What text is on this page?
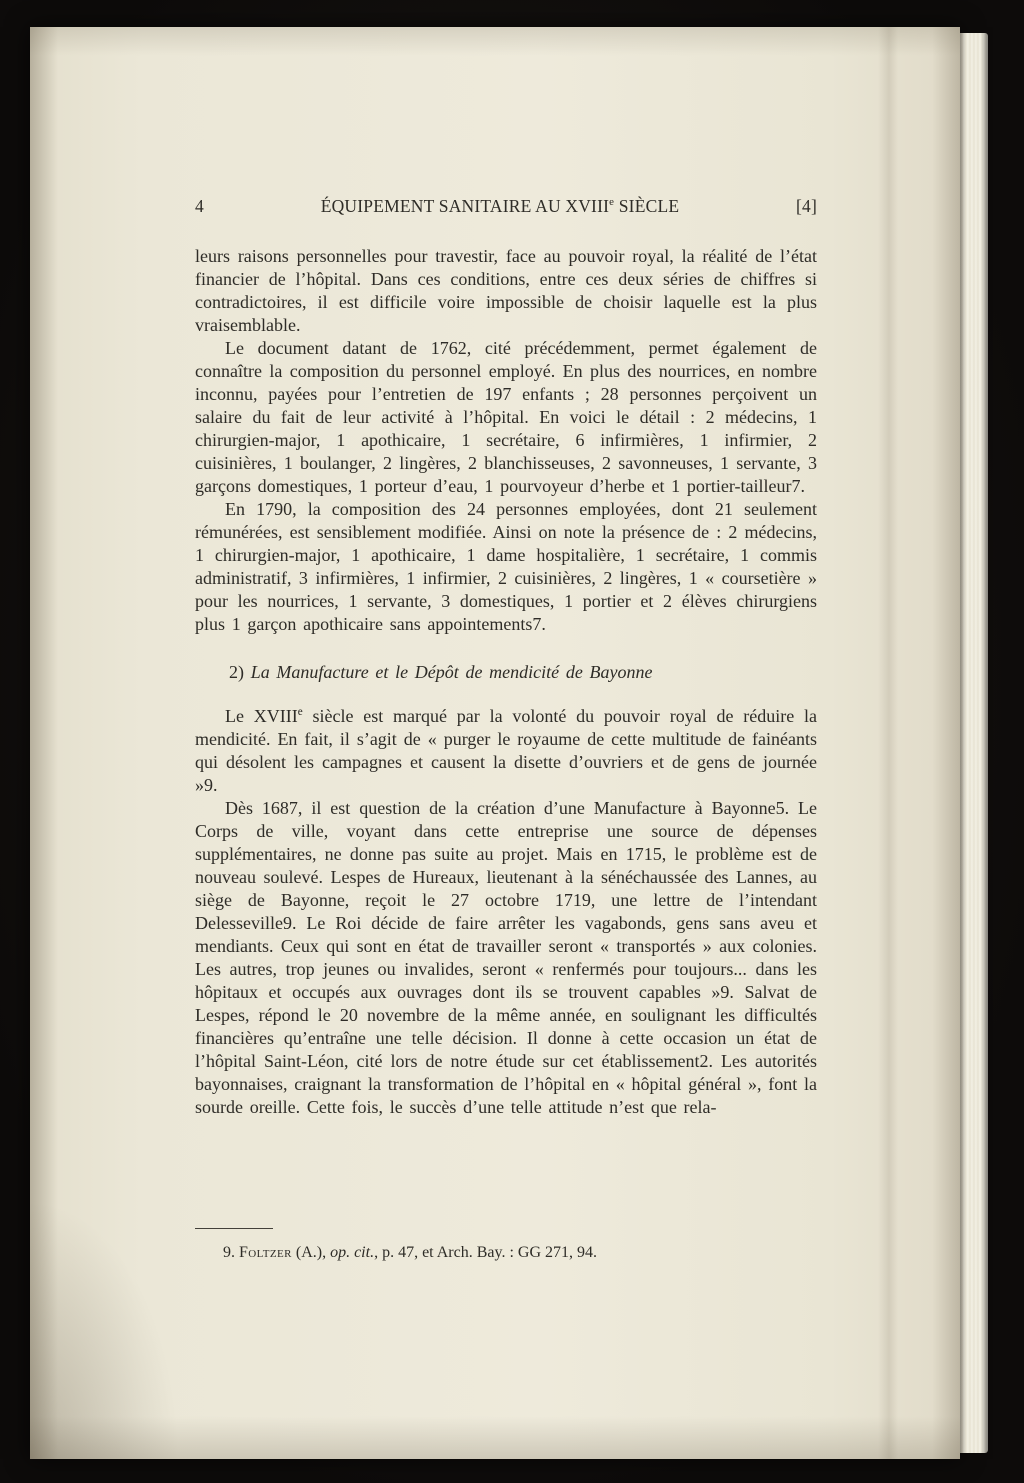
4	ÉQUIPEMENT SANITAIRE AU XVIIIe SIÈCLE	[4]

leurs raisons personnelles pour travestir, face au pouvoir royal, la réalité de l’état financier de l’hôpital. Dans ces conditions, entre ces deux séries de chiffres si contradictoires, il est difficile voire impossible de choisir laquelle est la plus vraisemblable.

Le document datant de 1762, cité précédemment, permet également de connaître la composition du personnel employé. En plus des nourrices, en nombre inconnu, payées pour l’entretien de 197 enfants ; 28 personnes perçoivent un salaire du fait de leur activité à l’hôpital. En voici le détail : 2 médecins, 1 chirurgien-major, 1 apothicaire, 1 secrétaire, 6 infirmières, 1 infirmier, 2 cuisinières, 1 boulanger, 2 lingères, 2 blanchisseuses, 2 savonneuses, 1 servante, 3 garçons domestiques, 1 porteur d’eau, 1 pourvoyeur d’herbe et 1 portier-tailleur7.

En 1790, la composition des 24 personnes employées, dont 21 seulement rémunérées, est sensiblement modifiée. Ainsi on note la présence de : 2 médecins, 1 chirurgien-major, 1 apothicaire, 1 dame hospitalière, 1 secrétaire, 1 commis administratif, 3 infirmières, 1 infirmier, 2 cuisinières, 2 lingères, 1 « coursetière » pour les nourrices, 1 servante, 3 domestiques, 1 portier et 2 élèves chirurgiens plus 1 garçon apothicaire sans appointements7.

2) La Manufacture et le Dépôt de mendicité de Bayonne

Le XVIIIe siècle est marqué par la volonté du pouvoir royal de réduire la mendicité. En fait, il s’agit de « purger le royaume de cette multitude de fainéants qui désolent les campagnes et causent la disette d’ouvriers et de gens de journée »9.

Dès 1687, il est question de la création d’une Manufacture à Bayonne5. Le Corps de ville, voyant dans cette entreprise une source de dépenses supplémentaires, ne donne pas suite au projet. Mais en 1715, le problème est de nouveau soulevé. Lespes de Hureaux, lieutenant à la sénéchaussée des Lannes, au siège de Bayonne, reçoit le 27 octobre 1719, une lettre de l’intendant Delesseville9. Le Roi décide de faire arrêter les vagabonds, gens sans aveu et mendiants. Ceux qui sont en état de travailler seront « transportés » aux colonies. Les autres, trop jeunes ou invalides, seront « renfermés pour toujours... dans les hôpitaux et occupés aux ouvrages dont ils se trouvent capables »9. Salvat de Lespes, répond le 20 novembre de la même année, en soulignant les difficultés financières qu’entraîne une telle décision. Il donne à cette occasion un état de l’hôpital Saint-Léon, cité lors de notre étude sur cet établissement2. Les autorités bayonnaises, craignant la transformation de l’hôpital en « hôpital général », font la sourde oreille. Cette fois, le succès d’une telle attitude n’est que rela-

9. Foltzer (A.), op. cit., p. 47, et Arch. Bay. : GG 271, 94.
